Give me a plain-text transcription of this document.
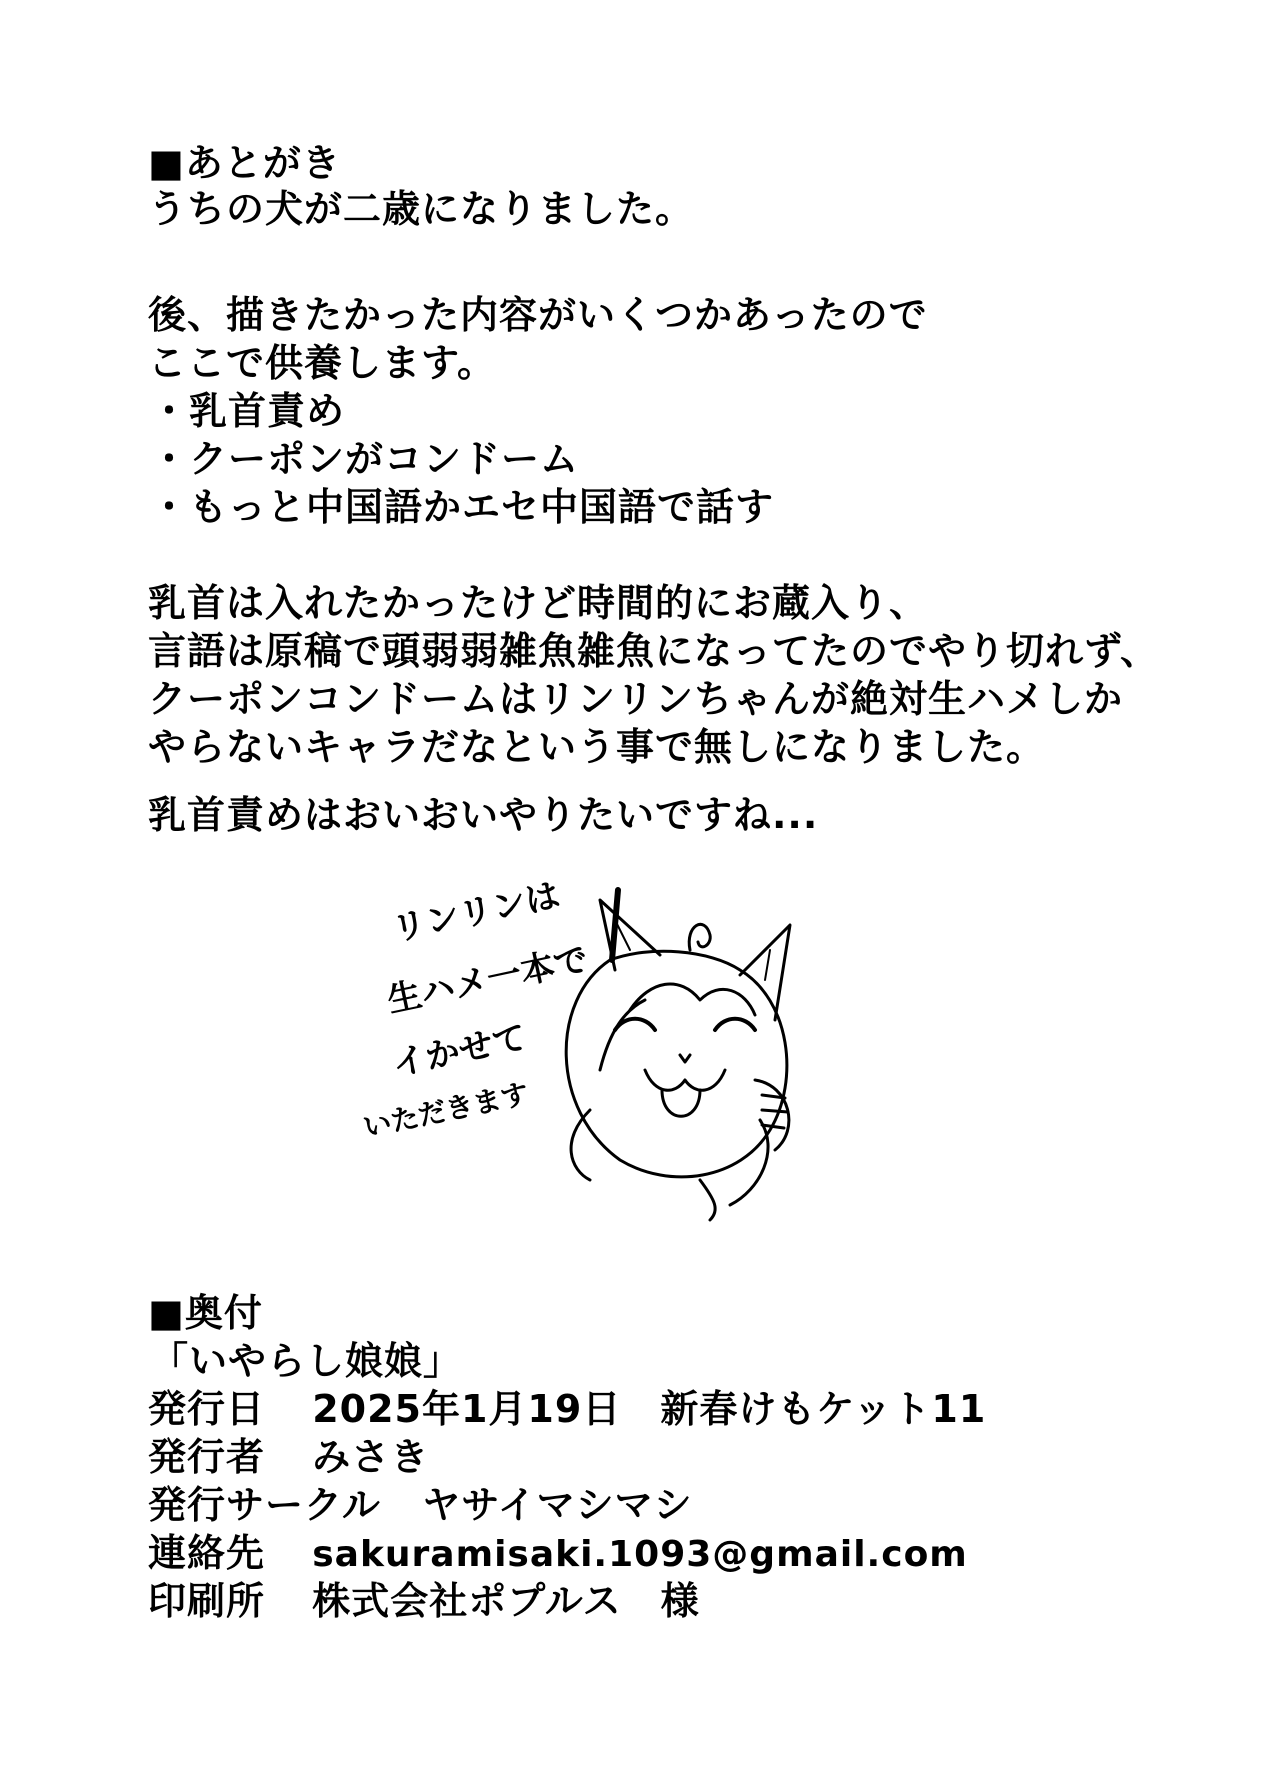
■あとがき
うちの犬が二歳になりました。
後、描きたかった内容がいくつかあったので
ここで供養します。
・乳首責め
・クーポンがコンドーム
・もっと中国語かエセ中国語で話す
乳首は入れたかったけど時間的にお蔵入り、
言語は原稿で頭弱弱雑魚雑魚になってたのでやり切れず、
クーポンコンドームはリンリンちゃんが絶対生ハメしか
やらないキャラだなという事で無しになりました。
乳首責めはおいおいやりたいですね...
リンリンは
生ハメ一本で
イかせて
いただきます
■奥付
「いやらし娘娘」
発行日 2025年1月19日　新春けもケット11
発行者 みさき
発行サークル ヤサイマシマシ
連絡先 sakuramisaki.1093@gmail.com
印刷所 株式会社ポプルス　様
